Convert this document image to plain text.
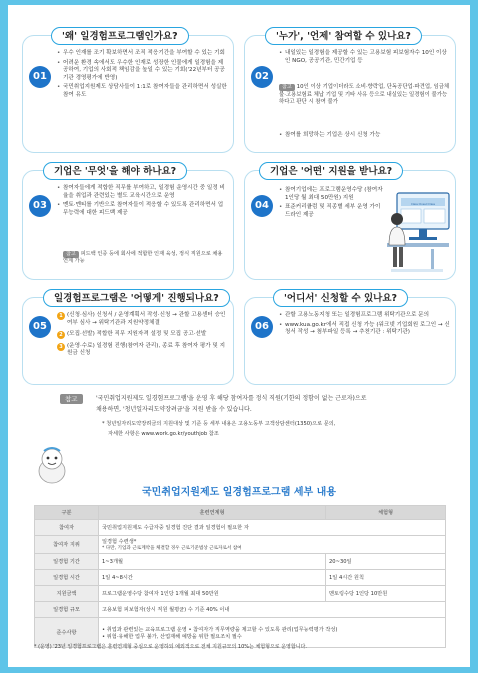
'왜' 일경험프로그램인가요?
01
• 우수 인재를 조기 확보하면서 조직 적응기간을 부여할 수 있는 기회
• 어려운 환경 속에서도 우수한 인재로 성장한 인물에게 일경험을 제공하여, 기업의 사회적 책임감을 높일 수 있는 기회('22년부터 공공기관 경영평가에 반영)
• 국민취업지원제도 상담사들이 1:1로 참여자들을 관리하면서 성실한 참여 유도
'누가', '언제' 참여할 수 있나요?
02
• 내일있는 일경험을 제공할 수 있는 고용보험 피보험자수 10인 이상인 NGO, 공공기관, 민간기업 등
참고 10인 이상 기업이더라도 소비·향락업, 단독공단업·파견업, 임금체불·고용보험료 체납 기업 및 기타 사유 등으로 내실있는 일경험이 불가능하다고 판단 시 참여 불가
• 참여를 희망하는 기업은 상시 신청 가능
기업은 '무엇'을 해야 하나요?
03
• 참여자들에게 적합한 직무를 부여하고, 일경험 운영시간 중 일정 비율을 취업과 관련있는 별도 교육시간으로 운영
• 멘토·멘티를 기반으로 참여자들이 적응할 수 있도록 관리하면서 업무능력에 대한 피드백 제공
참고 피드백 인증 등에 회사에 적합한 인재 육성, 정식 직원으로 채용 연계 가능
기업은 '어떤' 지원을 받나요?
04
• 참여기업에는 프로그램운영수당 (참여자 1인당 월 최대 50만원) 지원
• 표준커리큘럼 및 직종별 세부 운영 가이드라인 제공
Class Closed Class
일경험프로그램은 '어떻게' 진행되나요?
05
1 (신청·심사) 신청서 / 운영계획서 작성·신청 → 관할 고용센터 승인여부 심사 → 위탁기관과 지원약정체결
2 (모집·선발) 적합한 직무 지원자격 설정 및 모집 공고·선발
3 (운영·수료) 일경험 진행(참여자 관리), 종료 후 참여자 평가 및 지원금 신청
'어디서' 신청할 수 있나요?
06
• 관할 고용노동지청 또는 일경험프로그램 위탁기관으로 문의
• www.kua.go.kr에서 직접 신청 가능 (워크넷 기업회원 로그인 → 신청서 작성 → 첨부파일 등록 → 추천기관 : 위탁기관)
참고	'국민취업지원제도 일경험프로그램'을 운영 후 해당 참여자를 정식 직원(기한의 정함이 없는 근로자)으로
채용하면, '청년일자리도약장려금'을 지원 받을 수 있습니다.
* 청년일자리도약장려금의 지원대상 및 기준 등 세부 내용은 고용노동부 고객상담센터(1350)으로 문의,
자세한 사항은 www.work.go.kr/youthjob 참조
국민취업지원제도 일경험프로그램 세부 내용
구분	훈련연계형	체험형
참여자	국민취업지원제도 수급자중 일경험 진단 결과 일경험이 필요한 자	
참여자 지위	일경험 수련생*
* 다만, 기업과 근로계약을 체결할 경우 근로기준법상 근로자로서 참여	

일경험 기간	1~3개월	20~30일
일경험 시간	1일 4~8시간	1일 4시간 원칙
지원금액	프로그램운영수당 참여자 1인당 1개월 최대 50만원	멘토링수당 1인당 10만원
일경험 규모	고용보험 피보험자(상시 직원 월평균) 수 기준 40% 이내	
준수사항	• 취업과 관련있는 교육프로그램 운영 • 참여자가 직무역량을 제고할 수 있도록 관리(업무능력평가 작성)
• 위험·유해한 업무 불가, 산업재해 예방을 위한 필요조치 필수	
* (운영) '23년 일경험프로그램은 훈련연계형 중심으로 운영하되 예외적으로 전체 지원규모의 10%는 체험형으로 운영합니다.
